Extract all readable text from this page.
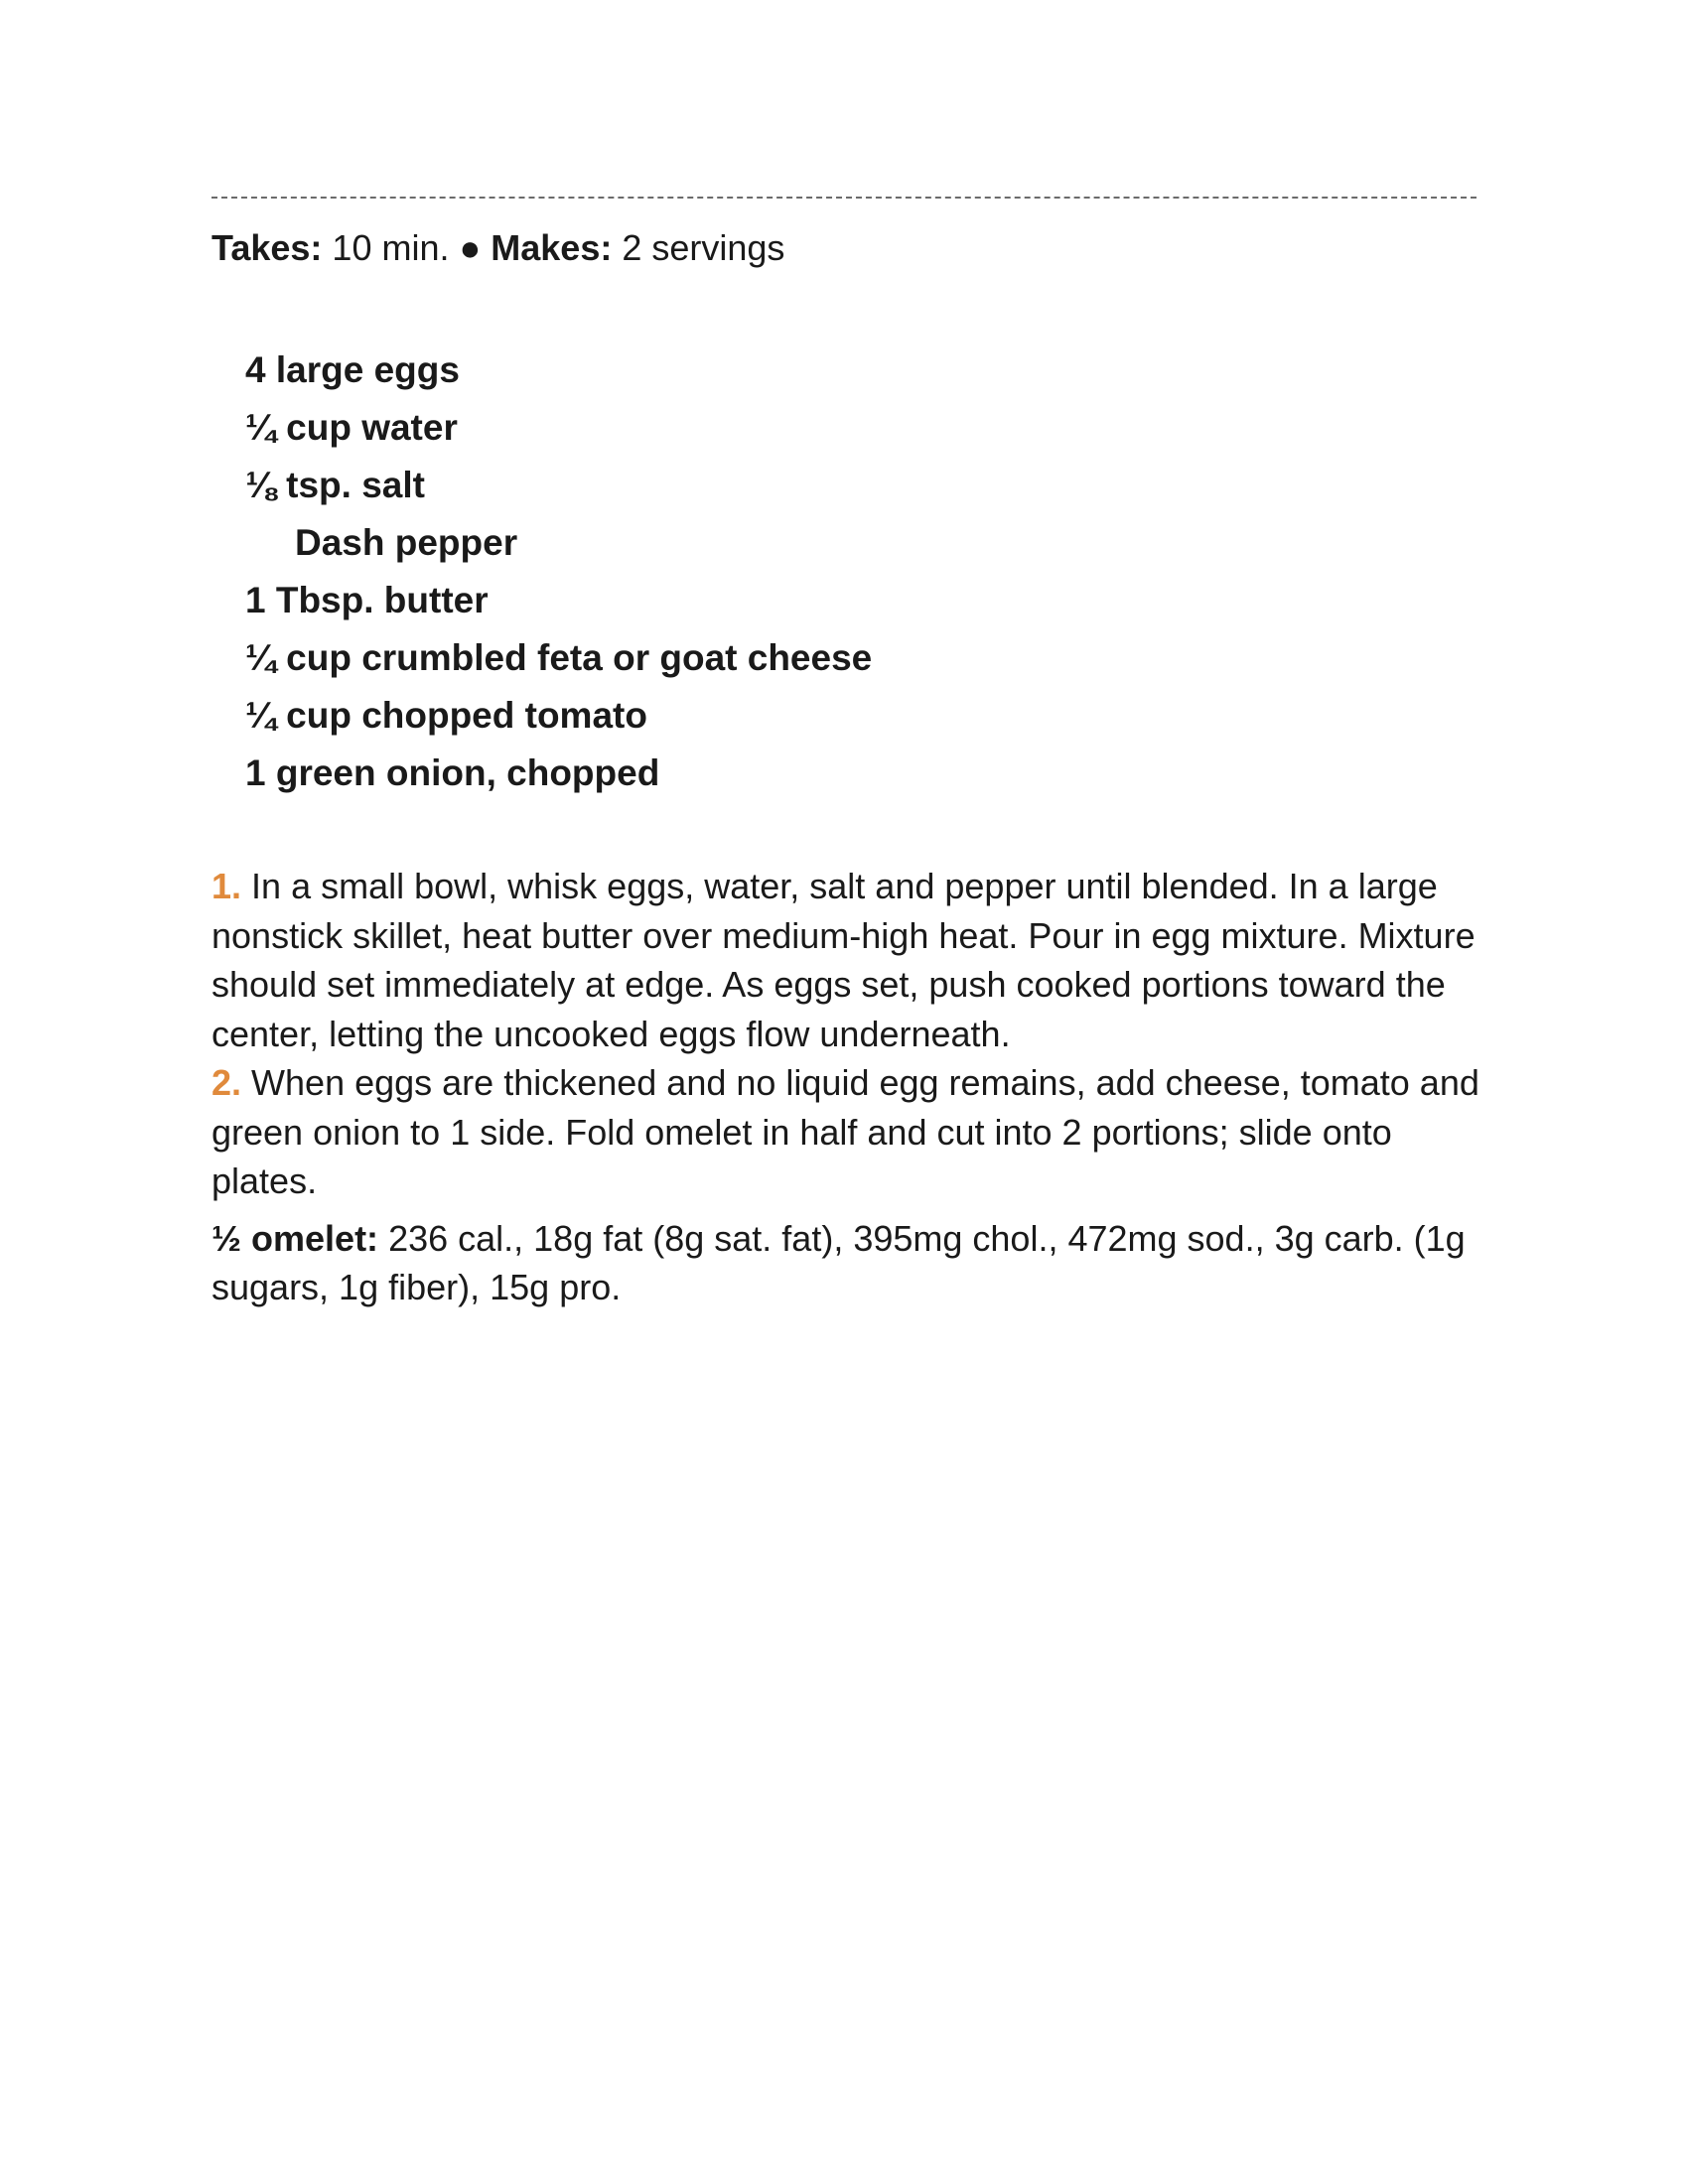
Takes: 10 min. ● Makes: 2 servings
4 large eggs
¼ cup water
⅛ tsp. salt
Dash pepper
1 Tbsp. butter
¼ cup crumbled feta or goat cheese
¼ cup chopped tomato
1 green onion, chopped

1. In a small bowl, whisk eggs, water, salt and pepper until blended. In a large nonstick skillet, heat butter over medium-high heat. Pour in egg mixture. Mixture should set immediately at edge. As eggs set, push cooked portions toward the center, letting the uncooked eggs flow underneath.

2. When eggs are thickened and no liquid egg remains, add cheese, tomato and green onion to 1 side. Fold omelet in half and cut into 2 portions; slide onto plates.

½ omelet: 236 cal., 18g fat (8g sat. fat), 395mg chol., 472mg sod., 3g carb. (1g sugars, 1g fiber), 15g pro.
